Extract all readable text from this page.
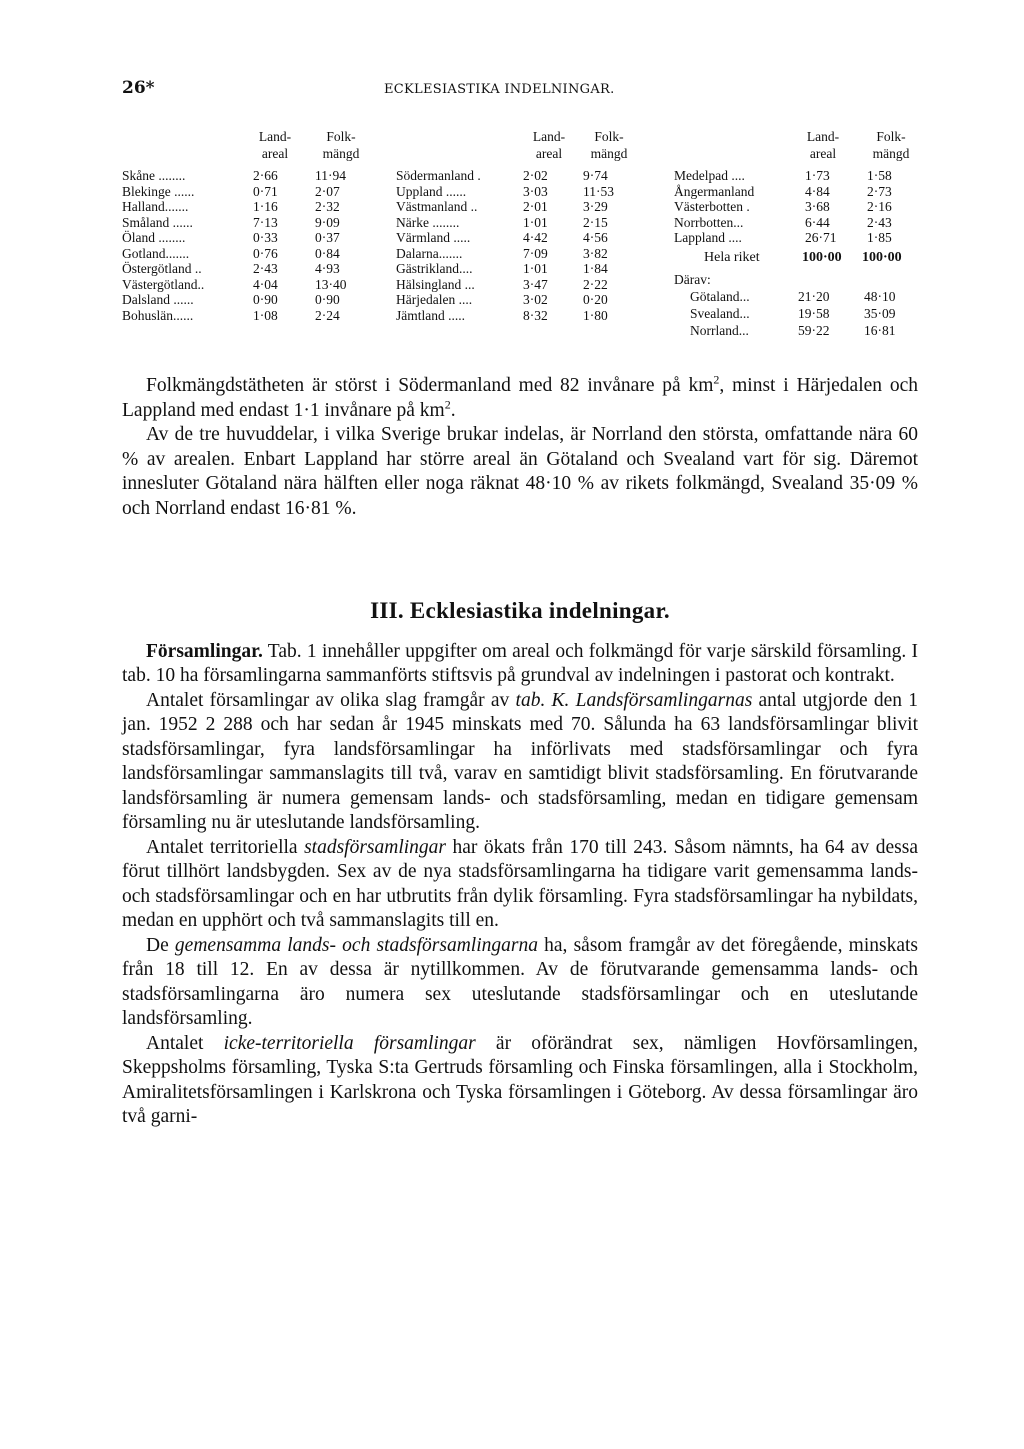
26*	ECKLESIASTIKA INDELNINGAR.
Land-
areal
Folk-
mängd
Skåne ........	2·66	11·94
Blekinge ......	0·71	2·07
Halland.......	1·16	2·32
Småland ......	7·13	9·09
Öland ........	0·33	0·37
Gotland.......	0·76	0·84
Östergötland ..	2·43	4·93
Västergötland..	4·04	13·40
Dalsland ......	0·90	0·90
Bohuslän......	1·08	2·24
Land-
areal
Folk-
mängd
Södermanland .	2·02	9·74
Uppland ......	3·03	11·53
Västmanland ..	2·01	3·29
Närke ........	1·01	2·15
Värmland .....	4·42	4·56
Dalarna.......	7·09	3·82
Gästrikland....	1·01	1·84
Hälsingland ...	3·47	2·22
Härjedalen ....	3·02	0·20
Jämtland .....	8·32	1·80
Land-
areal
Folk-
mängd
Medelpad ....	1·73	1·58
Ångermanland	4·84	2·73
Västerbotten .	3·68	2·16
Norrbotten...	6·44	2·43
Lappland ....	26·71 1·85
Hela riket	100·00 100·00
Därav:
Götaland...	21·20	48·10
Svealand...	19·58	35·09
Norrland...	59·22	16·81

Folkmängdstätheten är störst i Södermanland med 82 invånare på $km^2$, minst i Härjedalen och Lappland med endast 1·1 invånare på $km^2$.

Av de tre huvuddelar, i vilka Sverige brukar indelas, är Norrland den största, omfattande nära 60 % av arealen. Enbart Lappland har större areal än Götaland och Svealand vart för sig. Däremot innesluter Götaland nära hälften eller noga räknat 48·10 % av rikets folkmängd, Svealand 35·09 % och Norrland endast 16·81 %.

III. Ecklesiastika indelningar.

Församlingar. Tab. 1 innehåller uppgifter om areal och folkmängd för varje särskild församling. I tab. 10 ha församlingarna sammanförts stiftsvis på grundval av indelningen i pastorat och kontrakt.

Antalet församlingar av olika slag framgår av tab. K. Landsförsamlingarnas antal utgjorde den 1 jan. 1952 2 288 och har sedan år 1945 minskats med 70. Sålunda ha 63 landsförsamlingar blivit stadsförsamlingar, fyra landsförsamlingar ha införlivats med stadsförsamlingar och fyra landsförsamlingar sammanslagits till två, varav en samtidigt blivit stadsförsamling. En förutvarande landsförsamling är numera gemensam lands- och stadsförsamling, medan en tidigare gemensam församling nu är uteslutande landsförsamling.

Antalet territoriella stadsförsamlingar har ökats från 170 till 243. Såsom nämnts, ha 64 av dessa förut tillhört landsbygden. Sex av de nya stadsförsamlingarna ha tidigare varit gemensamma lands- och stadsförsamlingar och en har utbrutits från dylik församling. Fyra stadsförsamlingar ha nybildats, medan en upphört och två sammanslagits till en.

De gemensamma lands- och stadsförsamlingarna ha, såsom framgår av det föregående, minskats från 18 till 12. En av dessa är nytillkommen. Av de förutvarande gemensamma lands- och stadsförsamlingarna äro numera sex uteslutande stadsförsamlingar och en uteslutande landsförsamling.

Antalet icke-territoriella församlingar är oförändrat sex, nämligen Hovförsamlingen, Skeppsholms församling, Tyska S:ta Gertruds församling och Finska församlingen, alla i Stockholm, Amiralitetsförsamlingen i Karlskrona och Tyska församlingen i Göteborg. Av dessa församlingar äro två garni-
